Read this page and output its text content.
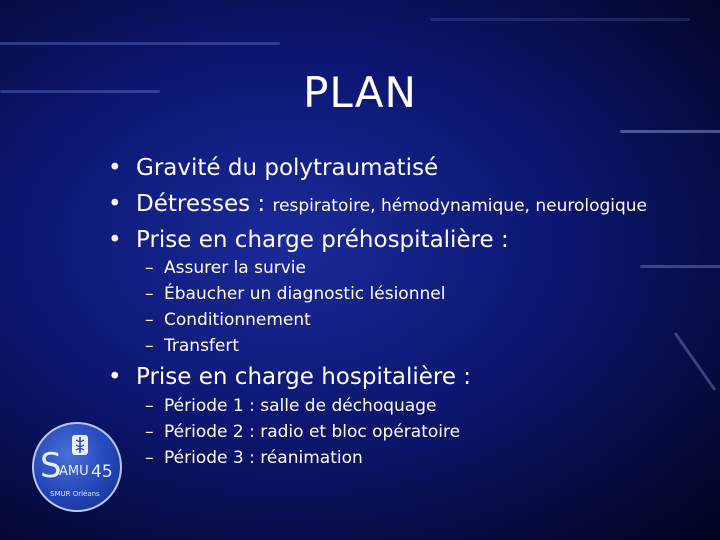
PLAN
• Gravité du polytraumatisé
• Détresses : respiratoire, hémodynamique, neurologique
• Prise en charge préhospitalière :
– Assurer la survie
– Ébaucher un diagnostic lésionnel
– Conditionnement
– Transfert
• Prise en charge hospitalière :
– Période 1 : salle de déchoquage
– Période 2 : radio et bloc opératoire
– Période 3 : réanimation
S
AMU 45
SMUR Orléans
